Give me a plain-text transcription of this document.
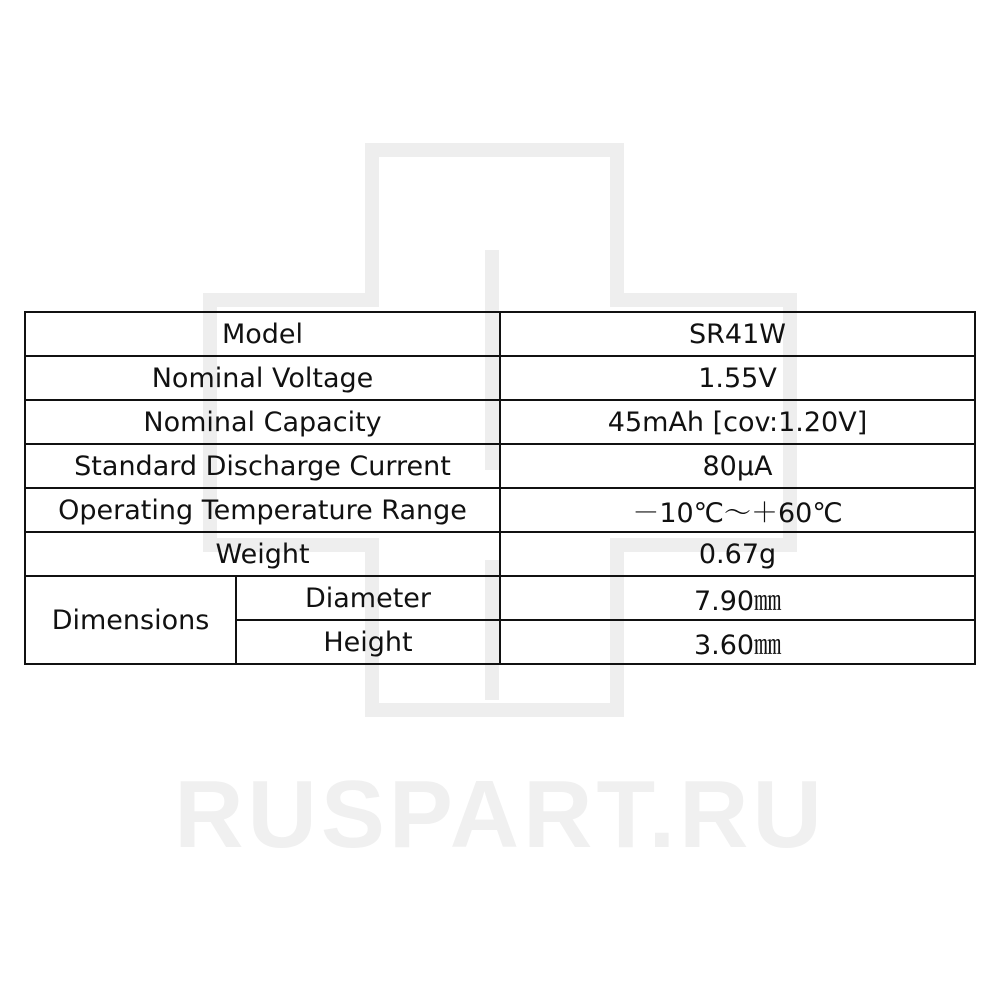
RUSPART.RU
Model		SR41W
Nominal Voltage		1.55V
Nominal Capacity		45mAh [cov:1.20V]
Standard Discharge Current		80μA
Operating Temperature Range		－10℃～＋60℃
Weight		0.67g
Dimensions	Diameter	7.90㎜
	Height	3.60㎜
